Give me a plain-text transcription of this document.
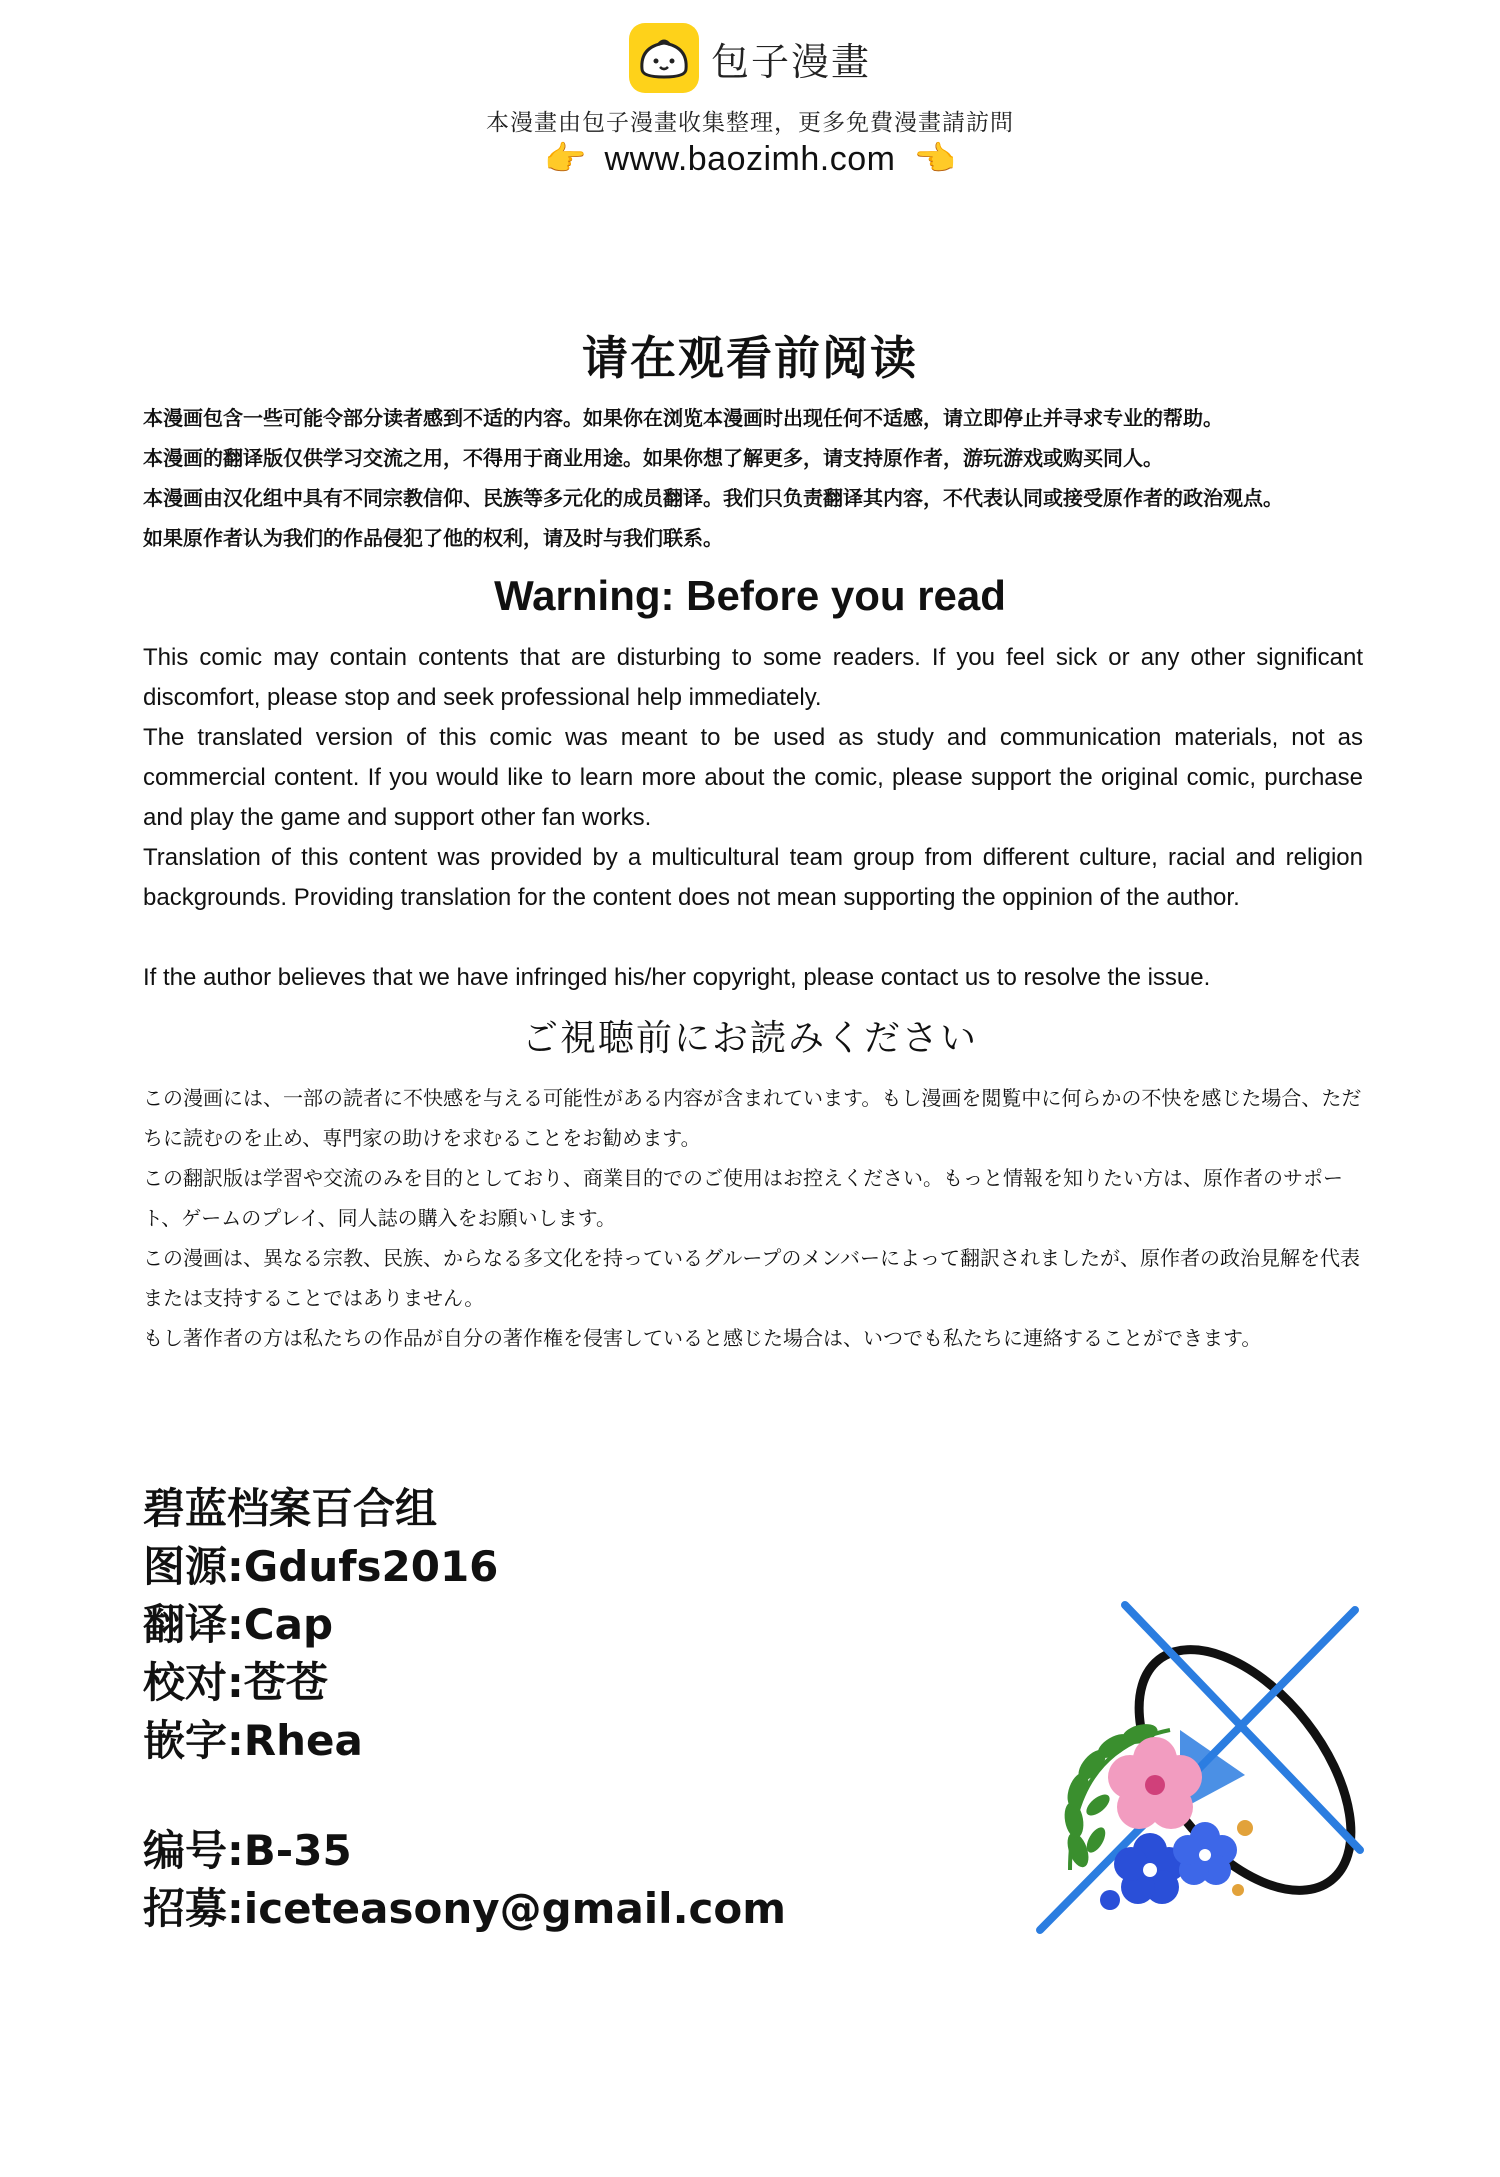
包子漫畫
本漫畫由包子漫畫收集整理，更多免費漫畫請訪問
👉 www.baozimh.com 👈
请在观看前阅读
本漫画包含一些可能令部分读者感到不适的内容。如果你在浏览本漫画时出现任何不适感，请立即停止并寻求专业的帮助。
本漫画的翻译版仅供学习交流之用，不得用于商业用途。如果你想了解更多，请支持原作者，游玩游戏或购买同人。
本漫画由汉化组中具有不同宗教信仰、民族等多元化的成员翻译。我们只负责翻译其内容，不代表认同或接受原作者的政治观点。
如果原作者认为我们的作品侵犯了他的权利，请及时与我们联系。
Warning: Before you read
This comic may contain contents that are disturbing to some readers. If you feel sick or any other significant discomfort, please stop and seek professional help immediately.
The translated version of this comic was meant to be used as study and communication materials, not as commercial content. If you would like to learn more about the comic, please support the original comic, purchase and play the game and support other fan works.
Translation of this content was provided by a multicultural team group from different culture, racial and religion backgrounds. Providing translation for the content does not mean supporting the oppinion of the author.
If the author believes that we have infringed his/her copyright, please contact us to resolve the issue.
ご視聴前にお読みください
この漫画には、一部の読者に不快感を与える可能性がある内容が含まれています。もし漫画を閲覧中に何らかの不快を感じた場合、ただちに読むのを止め、専門家の助けを求むることをお勧めます。
この翻訳版は学習や交流のみを目的としており、商業目的でのご使用はお控えください。もっと情報を知りたい方は、原作者のサポート、ゲームのプレイ、同人誌の購入をお願いします。
この漫画は、異なる宗教、民族、からなる多文化を持っているグループのメンバーによって翻訳されましたが、原作者の政治見解を代表または支持することではありません。
もし著作者の方は私たちの作品が自分の著作権を侵害していると感じた場合は、いつでも私たちに連絡することができます。
碧蓝档案百合组
图源:Gdufs2016
翻译:Cap
校对:苍苍
嵌字:Rhea
编号:B-35
招募:iceteasony@gmail.com
